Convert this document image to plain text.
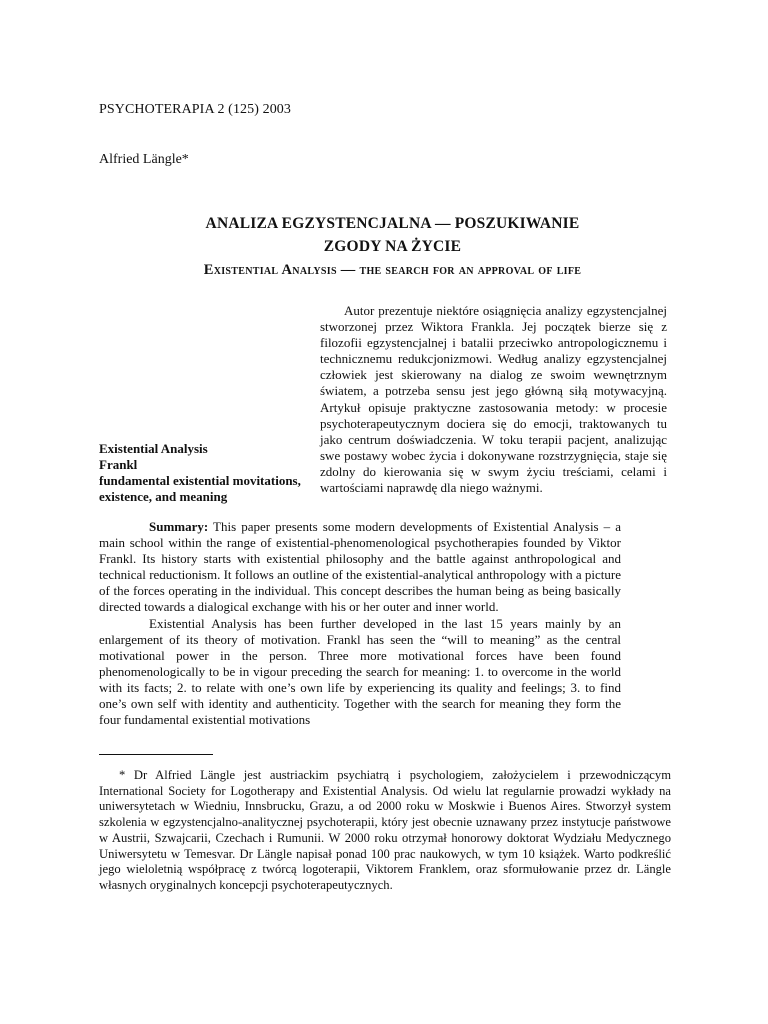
PSYCHOTERAPIA 2 (125) 2003
Alfried Längle*
ANALIZA EGZYSTENCJALNA — POSZUKIWANIE
ZGODY NA ŻYCIE
Existential Analysis — the search for an approval of life

Autor prezentuje niektóre osiągnięcia analizy egzystencjalnej stworzonej przez Wiktora Frankla. Jej początek bierze się z filozofii egzystencjalnej i batalii przeciwko antropologicznemu i technicznemu redukcjonizmowi. Według analizy egzystencjalnej człowiek jest skierowany na dialog ze swoim wewnętrznym światem, a potrzeba sensu jest jego główną siłą motywacyjną. Artykuł opisuje praktyczne zastosowania metody: w procesie psychoterapeutycznym dociera się do emocji, traktowanych tu jako centrum doświadczenia. W toku terapii pacjent, analizując swe postawy wobec życia i dokonywane rozstrzygnięcia, staje się zdolny do kierowania się w swym życiu treściami, celami i wartościami naprawdę dla niego ważnymi.

Existential Analysis
Frankl
fundamental existential movitations, existence, and meaning

Summary: This paper presents some modern developments of Existential Analysis – a main school within the range of existential-phenomenological psychotherapies founded by Viktor Frankl. Its history starts with existential philosophy and the battle against anthropological and technical reductionism. It follows an outline of the existential-analytical anthropology with a picture of the forces operating in the individual. This concept describes the human being as being basically directed towards a dialogical exchange with his or her outer and inner world.

Existential Analysis has been further developed in the last 15 years mainly by an enlargement of its theory of motivation. Frankl has seen the “will to meaning” as the central motivational power in the person. Three more motivational forces have been found phenomenologically to be in vigour preceding the search for meaning: 1. to overcome in the world with its facts; 2. to relate with one’s own life by experiencing its quality and feelings; 3. to find one’s own self with identity and authenticity. Together with the search for meaning they form the four fundamental existential motivations

* Dr Alfried Längle jest austriackim psychiatrą i psychologiem, założycielem i przewodniczącym International Society for Logotherapy and Existential Analysis. Od wielu lat regularnie prowadzi wykłady na uniwersytetach w Wiedniu, Innsbrucku, Grazu, a od 2000 roku w Moskwie i Buenos Aires. Stworzył system szkolenia w egzystencjalno-analitycznej psychoterapii, który jest obecnie uznawany przez instytucje państwowe w Austrii, Szwajcarii, Czechach i Rumunii. W 2000 roku otrzymał honorowy doktorat Wydziału Medycznego Uniwersytetu w Temesvar. Dr Längle napisał ponad 100 prac naukowych, w tym 10 książek. Warto podkreślić jego wieloletnią współpracę z twórcą logoterapii, Viktorem Franklem, oraz sformułowanie przez dr. Längle własnych oryginalnych koncepcji psychoterapeutycznych.
